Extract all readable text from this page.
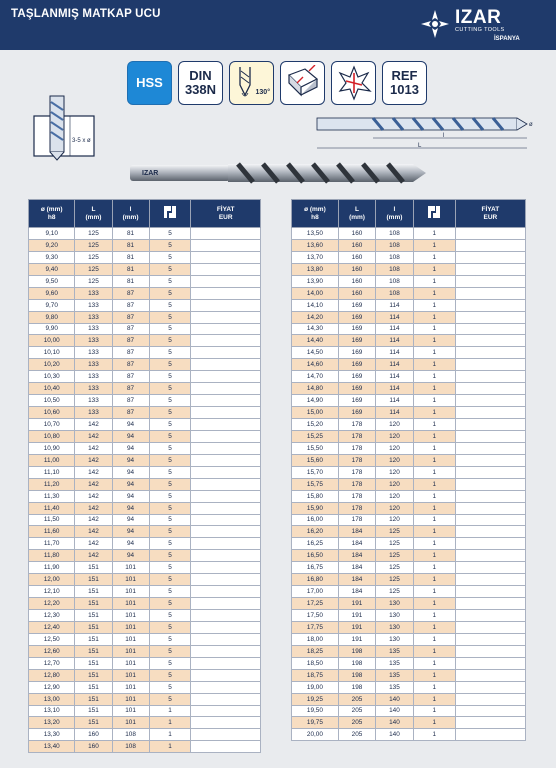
TAŞLANMIŞ MATKAP UCU	IZAR
CUTTING TOOLS
İSPANYA
HSS DIN
338N	130°
REF
1013
3-5 x ø
l
L
ø
IZAR
ø (mm)
h8	L
(mm)	l
(mm)		FİYAT
EUR
9,10	125	81	5	
9,20	125	81	5	
9,30	125	81	5	
9,40	125	81	5	
9,50	125	81	5	
9,60	133	87	5	
9,70	133	87	5	
9,80	133	87	5	
9,90	133	87	5	
10,00	133	87	5	
10,10	133	87	5	
10,20	133	87	5	
10,30	133	87	5	
10,40	133	87	5	
10,50	133	87	5	
10,60	133	87	5	
10,70	142	94	5	
10,80	142	94	5	
10,90	142	94	5	
11,00	142	94	5	
11,10	142	94	5	
11,20	142	94	5	
11,30	142	94	5	
11,40	142	94	5	
11,50	142	94	5	
11,60	142	94	5	
11,70	142	94	5	
11,80	142	94	5	
11,90	151	101	5	
12,00	151	101	5	
12,10	151	101	5	
12,20	151	101	5	
12,30	151	101	5	
12,40	151	101	5	
12,50	151	101	5	
12,60	151	101	5	
12,70	151	101	5	
12,80	151	101	5	
12,90	151	101	5	
13,00	151	101	5	
13,10	151	101	1	
13,20	151	101	1	
13,30	160	108	1	
13,40	160	108	1	
ø (mm)
h8	L
(mm)	l
(mm)		FİYAT
EUR
13,50	160	108	1	
13,60	160	108	1	
13,70	160	108	1	
13,80	160	108	1	
13,90	160	108	1	
14,00	160	108	1	
14,10	169	114	1	
14,20	169	114	1	
14,30	169	114	1	
14,40	169	114	1	
14,50	169	114	1	
14,60	169	114	1	
14,70	169	114	1	
14,80	169	114	1	
14,90	169	114	1	
15,00	169	114	1	
15,20	178	120	1	
15,25	178	120	1	
15,50	178	120	1	
15,60	178	120	1	
15,70	178	120	1	
15,75	178	120	1	
15,80	178	120	1	
15,90	178	120	1	
16,00	178	120	1	
16,20	184	125	1	
16,25	184	125	1	
16,50	184	125	1	
16,75	184	125	1	
16,80	184	125	1	
17,00	184	125	1	
17,25	191	130	1	
17,50	191	130	1	
17,75	191	130	1	
18,00	191	130	1	
18,25	198	135	1	
18,50	198	135	1	
18,75	198	135	1	
19,00	198	135	1	
19,25	205	140	1	
19,50	205	140	1	
19,75	205	140	1	
20,00	205	140	1	
